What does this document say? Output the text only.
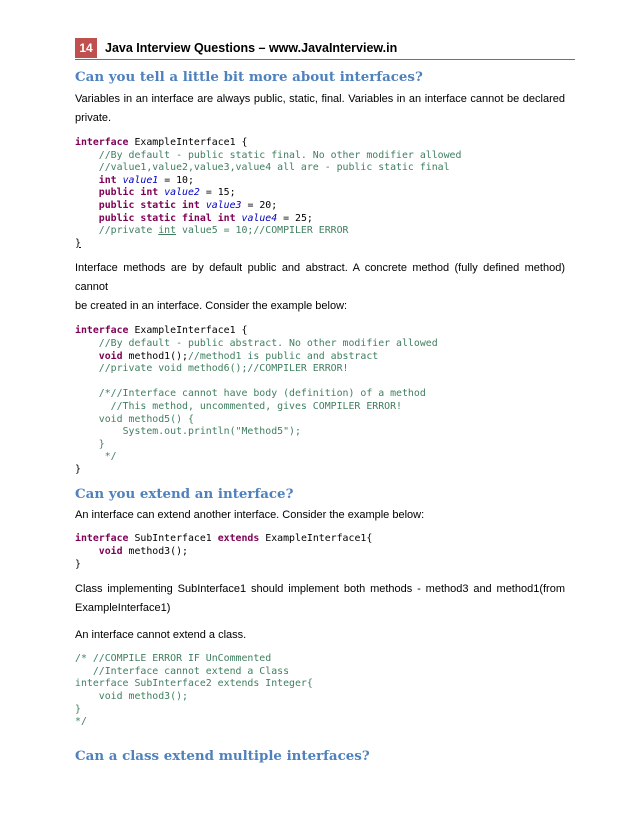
14 Java Interview Questions – www.JavaInterview.in
Can you tell a little bit more about interfaces?

Variables in an interface are always public, static, final. Variables in an interface cannot be declared
private.

interface ExampleInterface1 {
//By default - public static final. No other modifier allowed
//value1,value2,value3,value4 all are - public static final
int value1 = 10;
public int value2 = 15;
public static int value3 = 20;
public static final int value4 = 25;
//private int value5 = 10;//COMPILER ERROR
}

Interface methods are by default public and abstract. A concrete method (fully defined method) cannot
be created in an interface. Consider the example below:

interface ExampleInterface1 {
//By default - public abstract. No other modifier allowed
void method1();//method1 is public and abstract
//private void method6();//COMPILER ERROR!

/*//Interface cannot have body (definition) of a method
//This method, uncommented, gives COMPILER ERROR!
void method5() {
System.out.println("Method5");
}
*/
}
Can you extend an interface?

An interface can extend another interface. Consider the example below:

interface SubInterface1 extends ExampleInterface1{
void method3();
}

Class implementing SubInterface1 should implement both methods - method3 and method1(from
ExampleInterface1)

An interface cannot extend a class.

/* //COMPILE ERROR IF UnCommented
//Interface cannot extend a Class
interface SubInterface2 extends Integer{
void method3();
}
*/
Can a class extend multiple interfaces?
